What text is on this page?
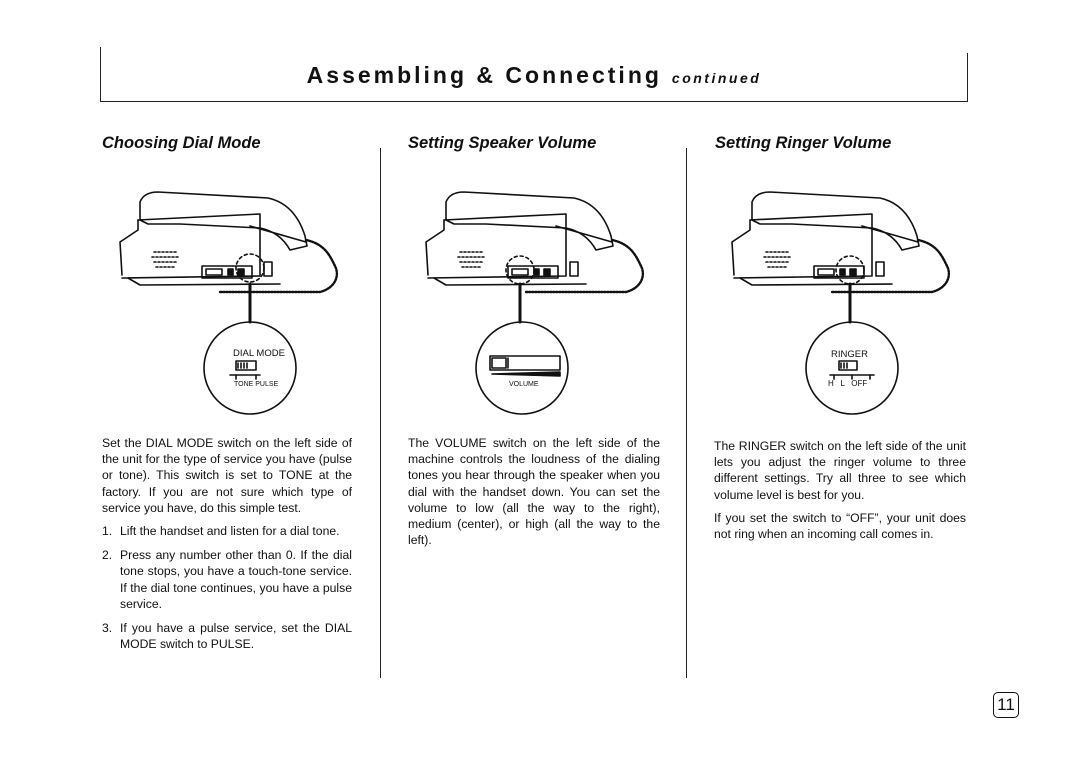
Assembling & Connecting continued
Choosing Dial Mode	Setting Speaker Volume	Setting Ringer Volume
DIAL MODE
TONE PULSE	VOLUME
RINGER
H   L   OFF

Set the DIAL MODE switch on the left side of the unit for the type of service you have (pulse or tone). This switch is set to TONE at the factory. If you are not sure which type of service you have, do this simple test.

1. Lift the handset and listen for a dial tone.
2. Press any number other than 0. If the dial tone stops, you have a touch-tone service. If the dial tone continues, you have a pulse service.
3. If you have a pulse service, set the DIAL MODE switch to PULSE.

The VOLUME switch on the left side of the machine controls the loudness of the dialing tones you hear through the speaker when you dial with the handset down. You can set the volume to low (all the way to the right), medium (center), or high (all the way to the left).

The RINGER switch on the left side of the unit lets you adjust the ringer volume to three different settings. Try all three to see which volume level is best for you.

If you set the switch to “OFF”, your unit does not ring when an incoming call comes in.

11
